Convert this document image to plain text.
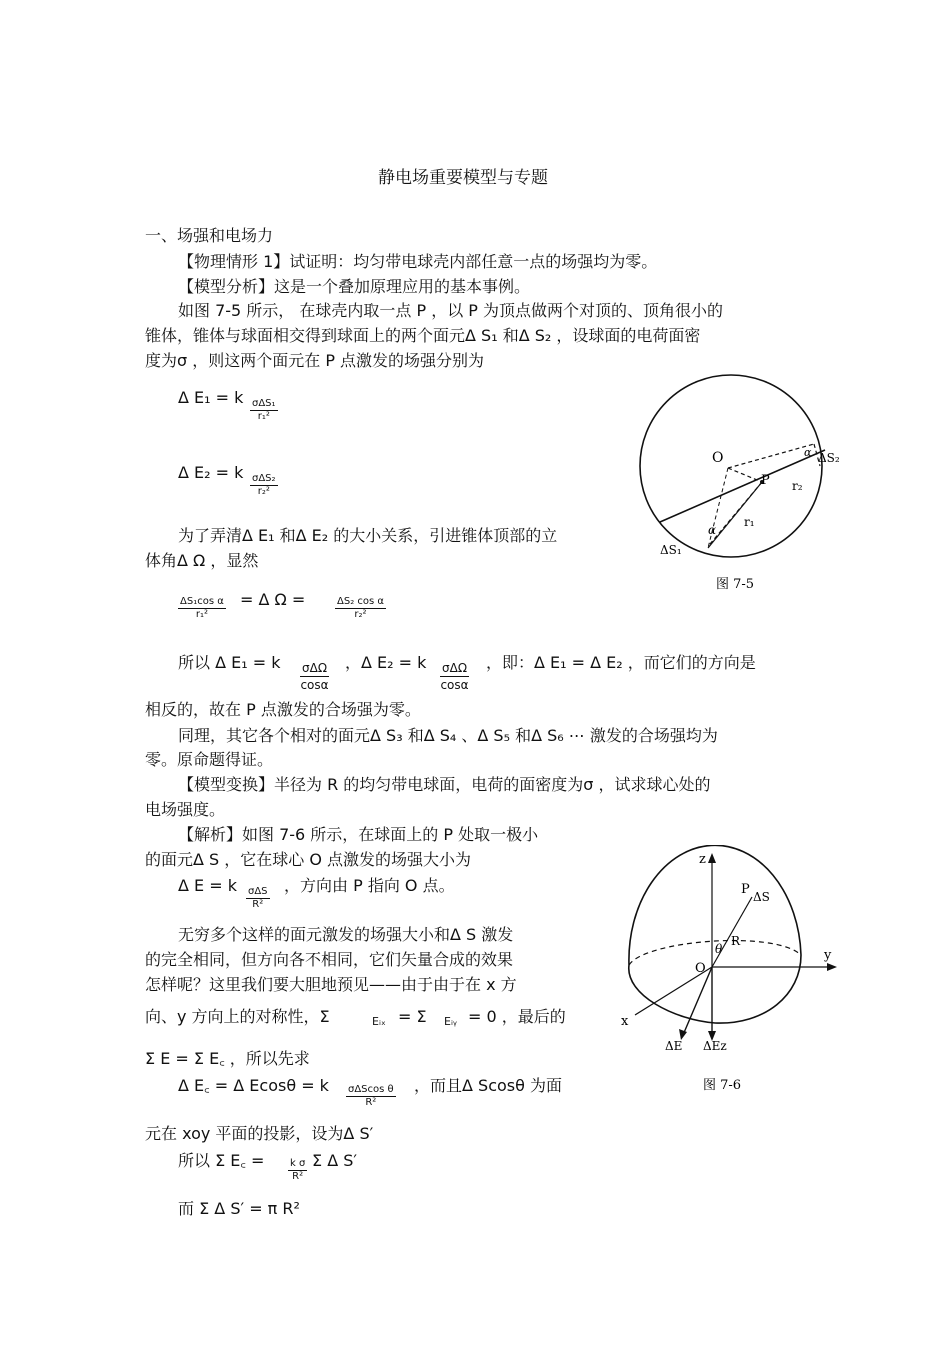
静电场重要模型与专题
一、场强和电场力
【物理情形 1】试证明：均匀带电球壳内部任意一点的场强均为零。
【模型分析】这是一个叠加原理应用的基本事例。
如图 7-5 所示， 在球壳内取一点 P ，以 P 为顶点做两个对顶的、顶角很小的
锥体，锥体与球面相交得到球面上的两个面元Δ S₁ 和Δ S₂ ，设球面的电荷面密
度为σ ，则这两个面元在 P 点激发的场强分别为
Δ E₁ = k σΔS₁
r₁²
Δ E₂ = k σΔS₂
r₂²
为了弄清Δ E₁ 和Δ E₂ 的大小关系，引进锥体顶部的立
体角Δ Ω ，显然
$\frac{\text{ΔS₁cos α}}{\text{r₁²}} = \Delta$ Ω =	$\frac{\text{ΔS₂ cos α}}{\text{r₂²}}$
所以 Δ E₁ = k σΔΩ
cosα
，Δ E₂ = k σΔΩ
cosα
，即：Δ E₁ = Δ E₂ ，而它们的方向是
相反的，故在 P 点激发的合场强为零。
同理，其它各个相对的面元Δ S₃ 和Δ S₄ 、Δ S₅ 和Δ S₆ ⋯ 激发的合场强均为
零。原命题得证。
【模型变换】半径为 R 的均匀带电球面，电荷的面密度为σ ，试求球心处的
电场强度。
【解析】如图 7-6 所示，在球面上的 P 处取一极小
的面元Δ S ，它在球心 O 点激发的场强大小为
Δ E = k σΔS
R²
，方向由 P 指向 O 点。
无穷多个这样的面元激发的场强大小和Δ S 激发
的完全相同，但方向各不相同，它们矢量合成的效果
怎样呢？这里我们要大胆地预见——由于由于在 x 方
向、y 方向上的对称性，Σ	Eᵢₓ = Σ Eᵢᵧ = 0 ，最后的
Σ E = Σ E꜀ ，所以先求
Δ E꜀ = Δ Ecosθ = k σΔScos θ
R²
，而且Δ Scosθ 为面
元在 xoy 平面的投影，设为Δ S′
所以 Σ E꜀ = $\frac{\text{k σ}}{\text{R²}}$ Σ Δ S′
而 Σ Δ S′ = π R²
O
P
ΔS₂
r₂
r₁
α
α
ΔS₁
图 7-5
z
y
x
O
P ΔS
R
θ
ΔE ΔEz
图 7-6
